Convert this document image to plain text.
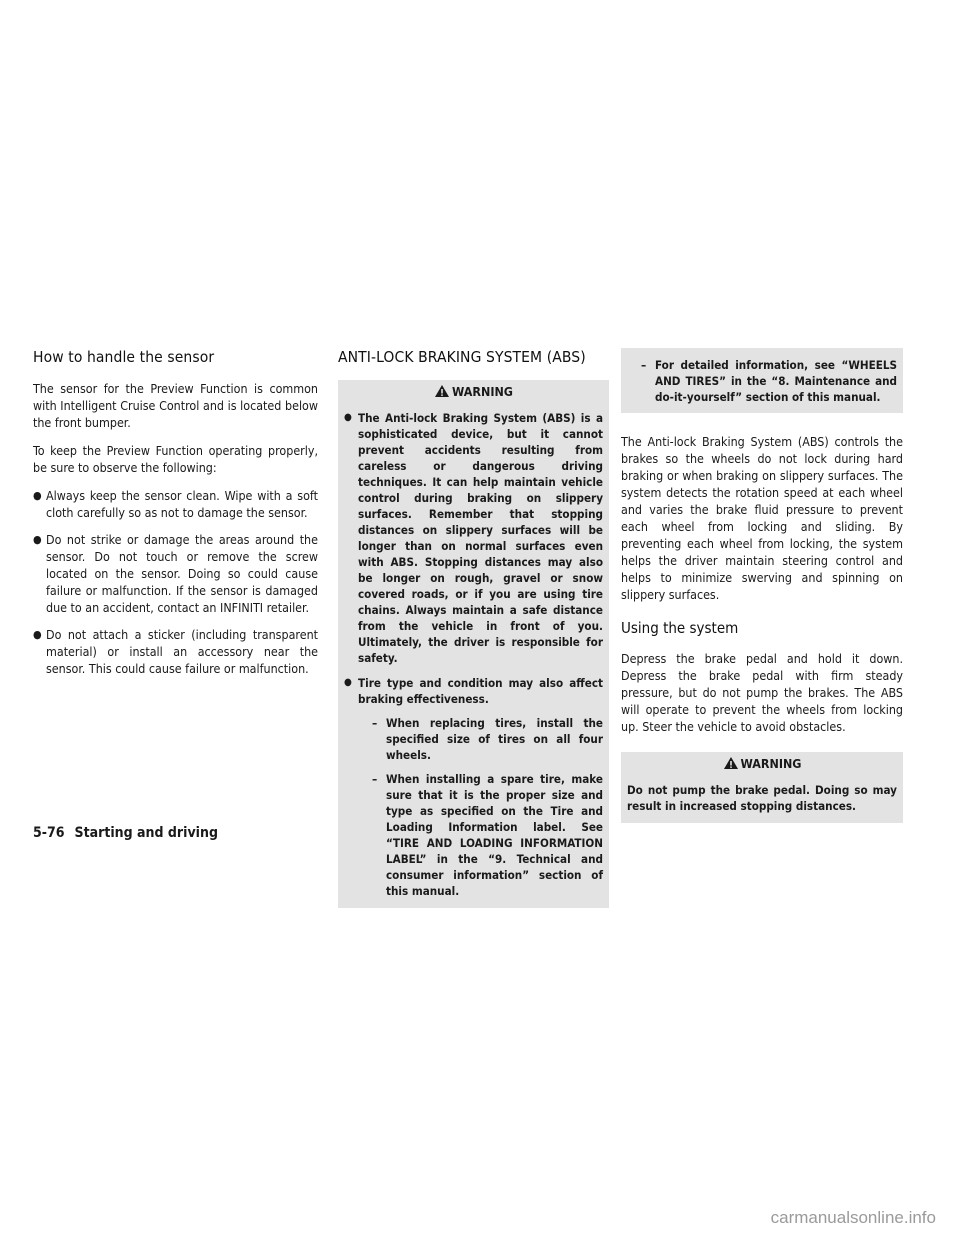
How to handle the sensor

The sensor for the Preview Function is common with Intelligent Cruise Control and is located below the front bumper.

To keep the Preview Function operating properly, be sure to observe the following:

● Always keep the sensor clean. Wipe with a soft cloth carefully so as not to damage the sensor.
● Do not strike or damage the areas around the sensor. Do not touch or remove the screw located on the sensor. Doing so could cause failure or malfunction. If the sensor is damaged due to an accident, contact an INFINITI retailer.
● Do not attach a sticker (including transparent material) or install an accessory near the sensor. This could cause failure or malfunction.
ANTI-LOCK BRAKING SYSTEM (ABS)
WARNING
● The Anti-lock Braking System (ABS) is a sophisticated device, but it cannot prevent accidents resulting from careless or dangerous driving techniques. It can help maintain vehicle control during braking on slippery surfaces. Remember that stopping distances on slippery surfaces will be longer than on normal surfaces even with ABS. Stopping distances may also be longer on rough, gravel or snow covered roads, or if you are using tire chains. Always maintain a safe distance from the vehicle in front of you. Ultimately, the driver is responsible for safety.
● Tire type and condition may also affect braking effectiveness.
– When replacing tires, install the specified size of tires on all four wheels.
– When installing a spare tire, make sure that it is the proper size and type as specified on the Tire and Loading Information label. See “TIRE AND LOADING INFORMATION LABEL” in the “9. Technical and consumer information” section of this manual.
– For detailed information, see “WHEELS AND TIRES” in the “8. Maintenance and do-it-yourself” section of this manual.

The Anti-lock Braking System (ABS) controls the brakes so the wheels do not lock during hard braking or when braking on slippery surfaces. The system detects the rotation speed at each wheel and varies the brake fluid pressure to prevent each wheel from locking and sliding. By preventing each wheel from locking, the system helps the driver maintain steering control and helps to minimize swerving and spinning on slippery surfaces.

Using the system

Depress the brake pedal and hold it down. Depress the brake pedal with firm steady pressure, but do not pump the brakes. The ABS will operate to prevent the wheels from locking up. Steer the vehicle to avoid obstacles.

WARNING

Do not pump the brake pedal. Doing so may result in increased stopping distances.

5-76 Starting and driving
carmanualsonline.info
